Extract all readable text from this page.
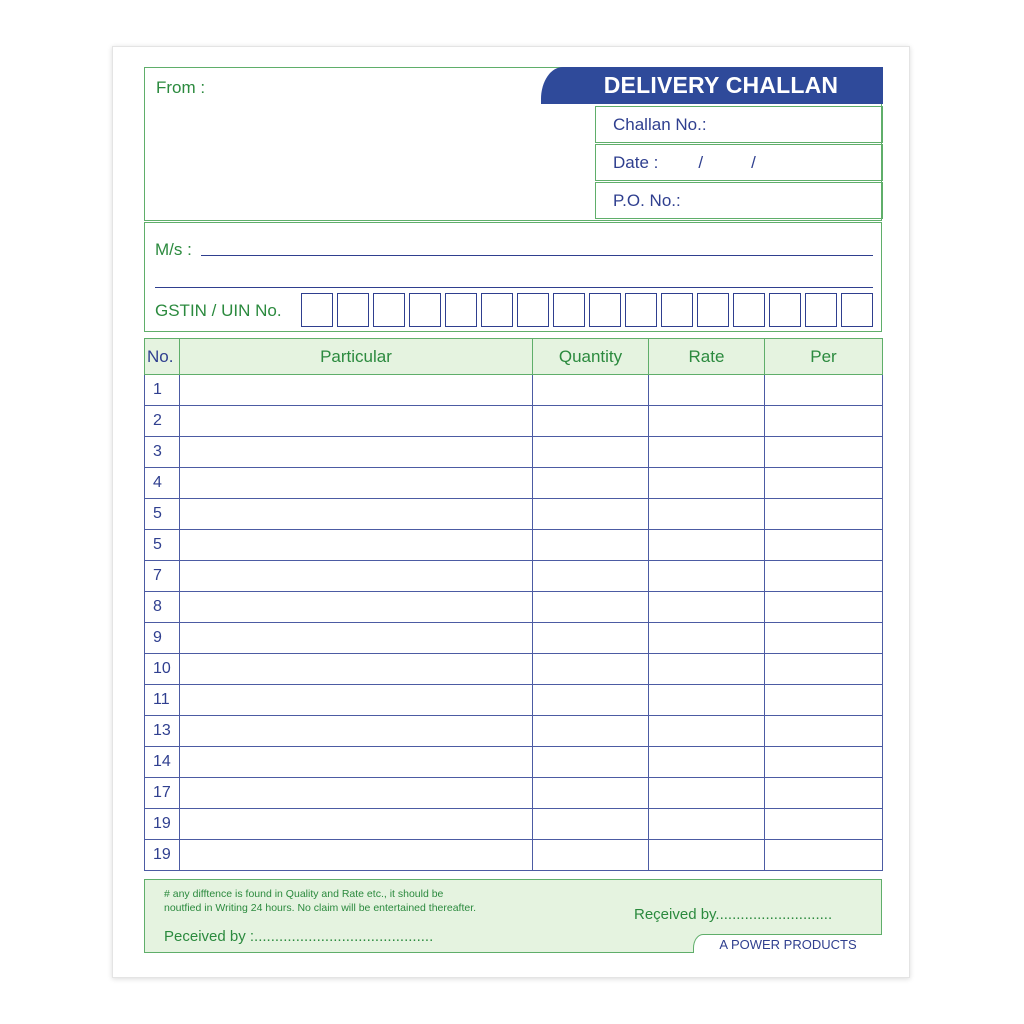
From :	DELIVERY CHALLAN
Challan No.:
Date : /	/
P.O. No.:
M/s :
GSTIN / UIN No.
No.	Particular	Quantity	Rate	Per
1				
2				
3				
4				
5				
5				
7				
8				
9				
10				
11				
13				
14				
17				
19				
19				
# any difftence is found in Quality and Rate etc., it should be
noutfied in Writing 24 hours. No claim will be entertained thereafter.	Reçeived by............................
Peceived by :...........................................	A POWER PRODUCTS
